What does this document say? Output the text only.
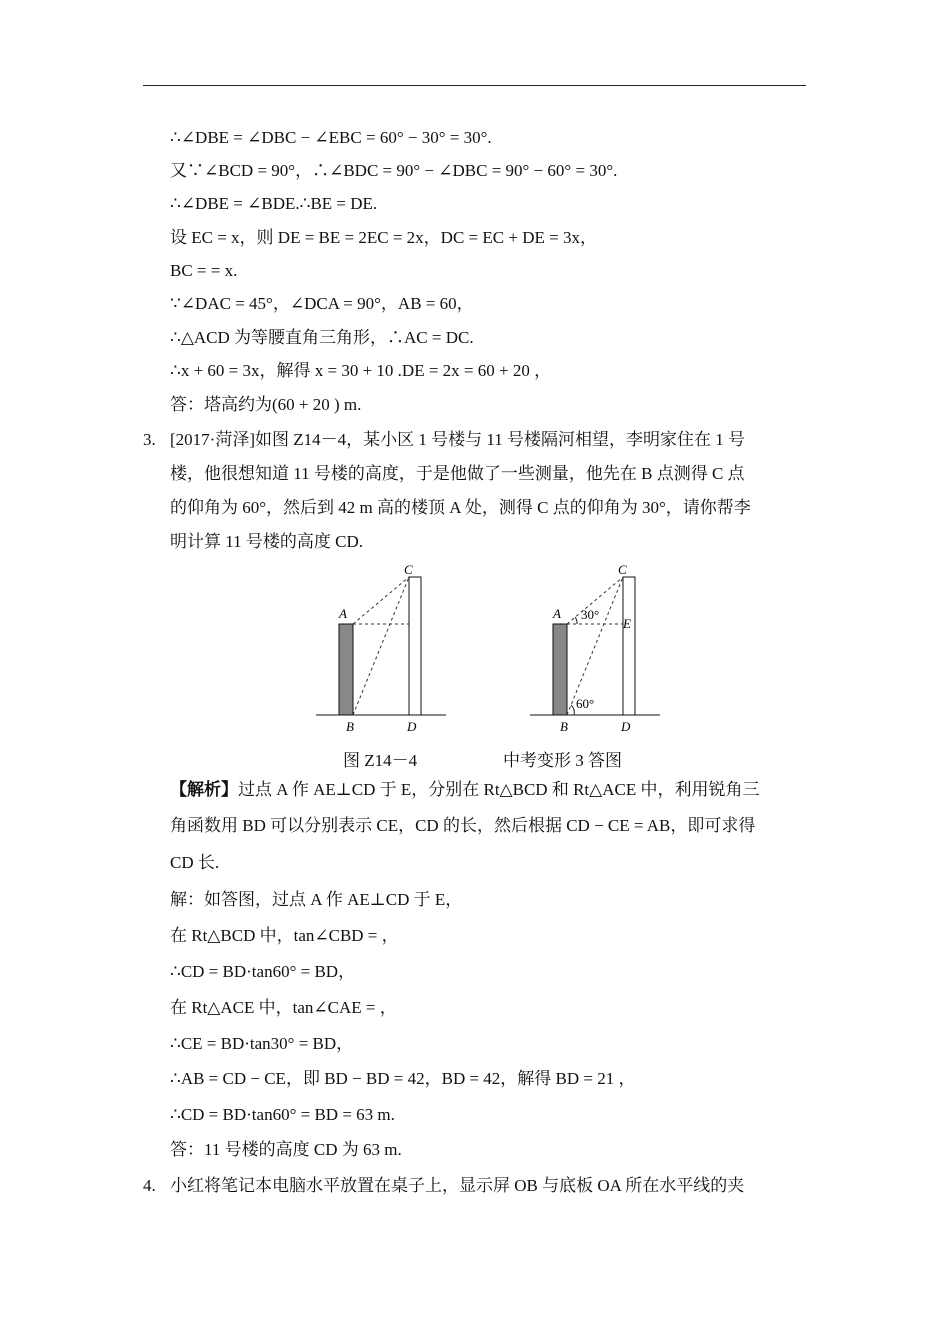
∴∠DBE = ∠DBC − ∠EBC = 60° − 30° = 30°.
又∵∠BCD = 90°，∴∠BDC = 90° − ∠DBC = 90° − 60° = 30°.
∴∠DBE = ∠BDE.∴BE = DE.
设 EC = x，则 DE = BE = 2EC = 2x，DC = EC + DE = 3x，
BC = = x.
∵∠DAC = 45°，∠DCA = 90°，AB = 60，
∴△ACD 为等腰直角三角形，∴AC = DC.
∴x + 60 = 3x，解得 x = 30 + 10 .DE = 2x = 60 + 20 ，
答：塔高约为(60 + 20 ) m.
3. [2017·菏泽]如图 Z14－4，某小区 1 号楼与 11 号楼隔河相望，李明家住在 1 号
楼，他很想知道 11 号楼的高度，于是他做了一些测量，他先在 B 点测得 C 点
的仰角为 60°，然后到 42 m 高的楼顶 A 处，测得 C 点的仰角为 30°，请你帮李
明计算 11 号楼的高度 CD.
A
C
B	D
A
C
E
B	D
30°
60°
图 Z14－4	中考变形 3 答图
【解析】过点 A 作 AE⊥CD 于 E，分别在 Rt△BCD 和 Rt△ACE 中，利用锐角三
角函数用 BD 可以分别表示 CE，CD 的长，然后根据 CD − CE = AB，即可求得
CD 长.
解：如答图，过点 A 作 AE⊥CD 于 E，
在 Rt△BCD 中，tan∠CBD = ，
∴CD = BD·tan60° = BD，
在 Rt△ACE 中，tan∠CAE = ，
∴CE = BD·tan30° = BD，
∴AB = CD − CE，即 BD − BD = 42，BD = 42，解得 BD = 21 ，
∴CD = BD·tan60° = BD = 63 m.
答：11 号楼的高度 CD 为 63 m.
4. 小红将笔记本电脑水平放置在桌子上，显示屏 OB 与底板 OA 所在水平线的夹
